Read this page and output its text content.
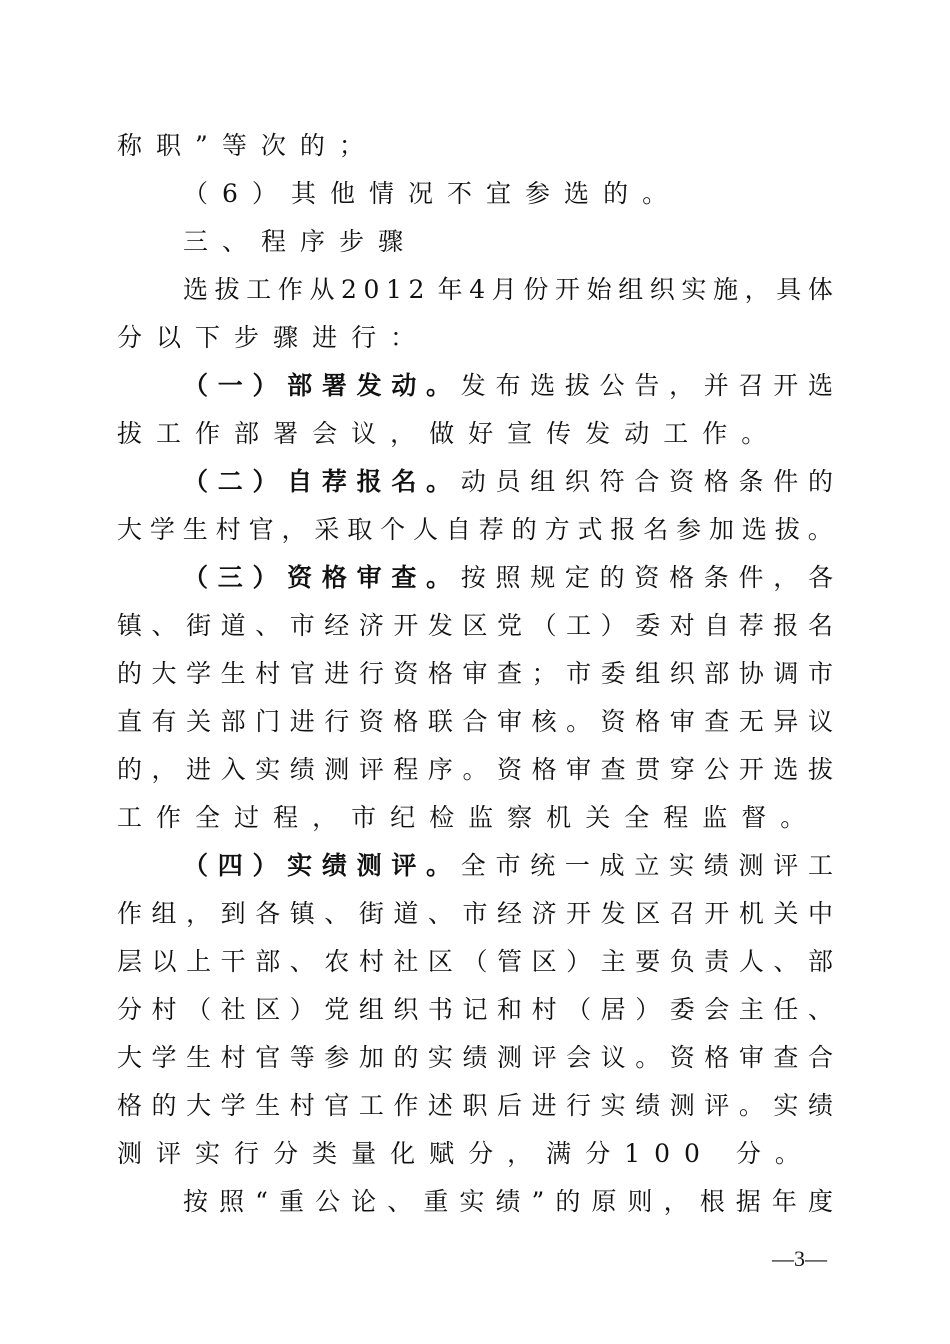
称 职 ” 等 次 的 ；
（ 6 ） 其 他 情 况 不 宜 参 选 的 。
三 、 程 序 步 骤
选 拔 工 作 从 2 0 1 2 年 4 月 份 开 始 组 织 实 施 ， 具 体
分 以 下 步 骤 进 行 ：
（ 一 ） 部 署 发 动 。 发 布 选 拔 公 告 ， 并 召 开 选
拔 工 作 部 署 会 议 ， 做 好 宣 传 发 动 工 作 。
（ 二 ） 自 荐 报 名 。 动 员 组 织 符 合 资 格 条 件 的
大 学 生 村 官 ， 采 取 个 人 自 荐 的 方 式 报 名 参 加 选 拔 。
（ 三 ） 资 格 审 查 。 按 照 规 定 的 资 格 条 件 ， 各
镇 、 街 道 、 市 经 济 开 发 区 党 （ 工 ） 委 对 自 荐 报 名
的 大 学 生 村 官 进 行 资 格 审 查 ； 市 委 组 织 部 协 调 市
直 有 关 部 门 进 行 资 格 联 合 审 核 。 资 格 审 查 无 异 议
的 ， 进 入 实 绩 测 评 程 序 。 资 格 审 查 贯 穿 公 开 选 拔
工 作 全 过 程 ， 市 纪 检 监 察 机 关 全 程 监 督 。
（ 四 ） 实 绩 测 评 。 全 市 统 一 成 立 实 绩 测 评 工
作 组 ， 到 各 镇 、 街 道 、 市 经 济 开 发 区 召 开 机 关 中
层 以 上 干 部 、 农 村 社 区 （ 管 区 ） 主 要 负 责 人 、 部
分 村 （ 社 区 ） 党 组 织 书 记 和 村 （ 居 ） 委 会 主 任 、
大 学 生 村 官 等 参 加 的 实 绩 测 评 会 议 。 资 格 审 查 合
格 的 大 学 生 村 官 工 作 述 职 后 进 行 实 绩 测 评 。 实 绩
测 评 实 行 分 类 量 化 赋 分 ， 满 分 1 0 0 分 。
按 照 “ 重 公 论 、 重 实 绩 ” 的 原 则 ， 根 据 年 度
—3—
